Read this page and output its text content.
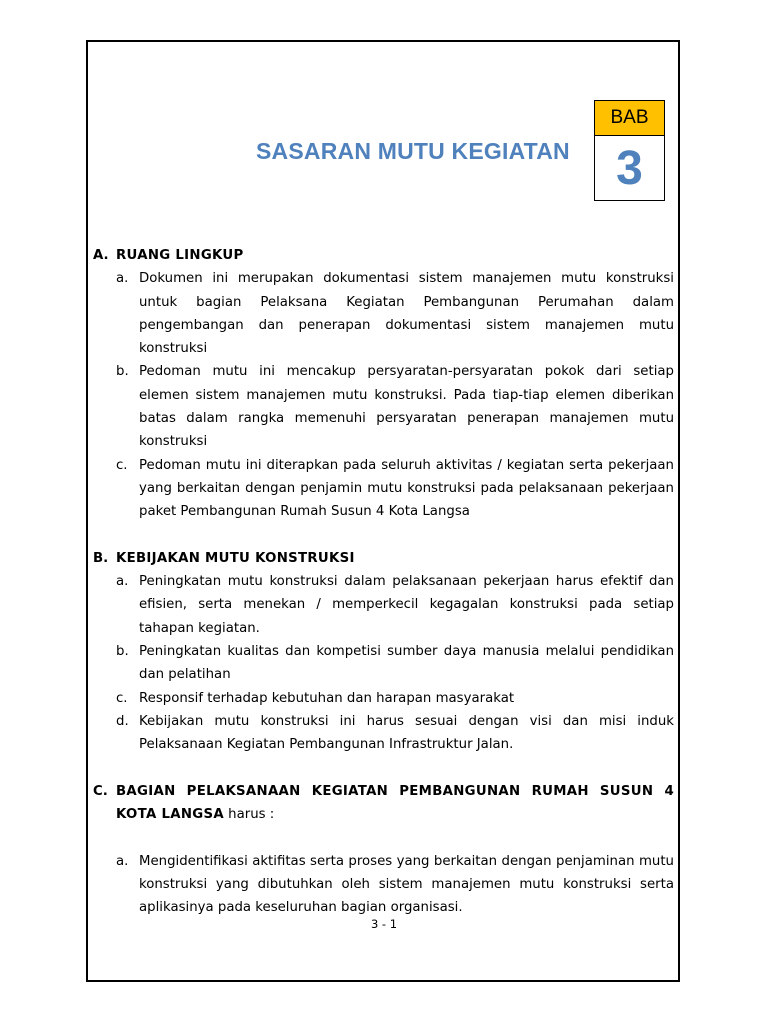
SASARAN MUTU KEGIATAN
BAB
3
A. RUANG LINGKUP
a. Dokumen ini merupakan dokumentasi sistem manajemen mutu konstruksi untuk bagian Pelaksana Kegiatan Pembangunan Perumahan dalam pengembangan dan penerapan dokumentasi sistem manajemen mutu konstruksi
b. Pedoman mutu ini mencakup persyaratan-persyaratan pokok dari setiap elemen sistem manajemen mutu konstruksi. Pada tiap-tiap elemen diberikan batas dalam rangka memenuhi persyaratan penerapan manajemen mutu konstruksi
c. Pedoman mutu ini diterapkan pada seluruh aktivitas / kegiatan serta pekerjaan yang berkaitan dengan penjamin mutu konstruksi pada pelaksanaan pekerjaan paket Pembangunan Rumah Susun 4 Kota Langsa
B. KEBIJAKAN MUTU KONSTRUKSI
a. Peningkatan mutu konstruksi dalam pelaksanaan pekerjaan harus efektif dan efisien, serta menekan / memperkecil kegagalan konstruksi pada setiap tahapan kegiatan.
b. Peningkatan kualitas dan kompetisi sumber daya manusia melalui pendidikan dan pelatihan
c. Responsif terhadap kebutuhan dan harapan masyarakat
d. Kebijakan mutu konstruksi ini harus sesuai dengan visi dan misi induk Pelaksanaan Kegiatan Pembangunan Infrastruktur Jalan.
C. BAGIAN PELAKSANAAN KEGIATAN PEMBANGUNAN RUMAH SUSUN 4 KOTA LANGSA harus :
a. Mengidentifikasi aktifitas serta proses yang berkaitan dengan penjaminan mutu konstruksi yang dibutuhkan oleh sistem manajemen mutu konstruksi serta aplikasinya pada keseluruhan bagian organisasi.
3 - 1
